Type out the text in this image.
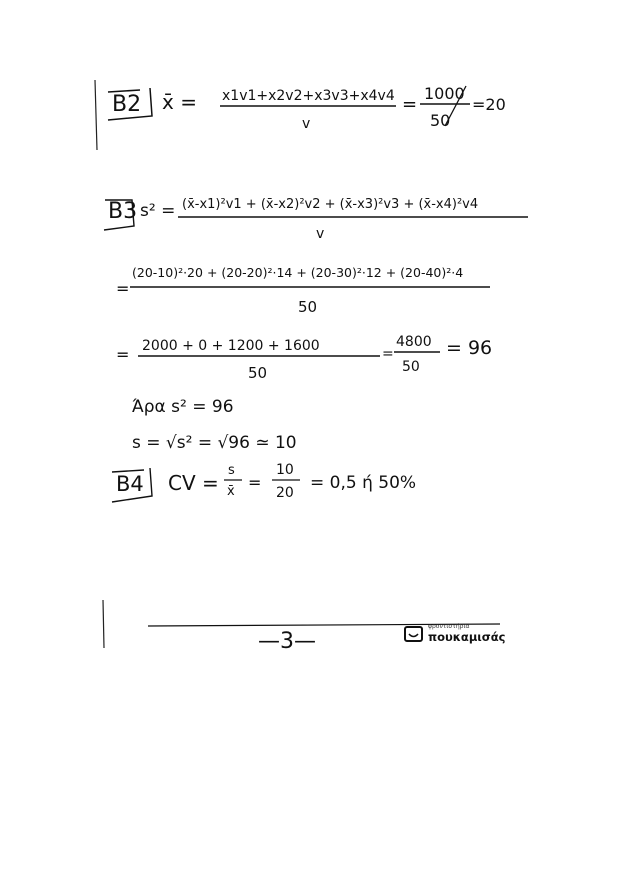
B2 x̄ = x1v1+x2v2+x3v3+x4v4
v
=
1000
50
=20
B3 s² = (x̄-x1)²v1 + (x̄-x2)²v2 + (x̄-x3)²v3 + (x̄-x4)²v4
v
=
(20-10)²·20 + (20-20)²·14 + (20-30)²·12 + (20-40)²·4
50
= 2000 + 0 + 1200 + 1600
50
=
4800
50
= 96
Άρα s² = 96
s = √s² = √96 ≃ 10
B4 CV =
s
x̄ =
10
20 = 0,5 ή 50%
—3—
φροντιστήρια
πουκαμισάς
